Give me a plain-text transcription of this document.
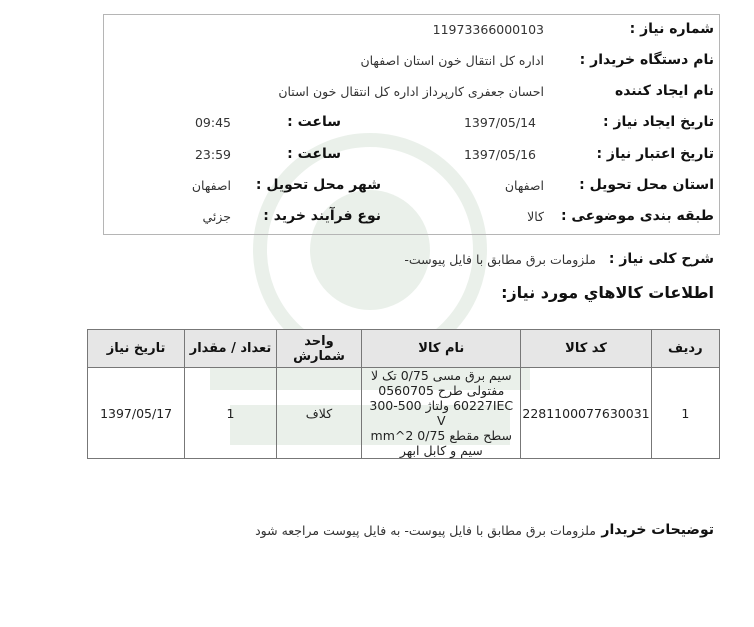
شماره نیاز :
11973366000103
نام دستگاه خریدار :
اداره کل انتقال خون استان اصفهان
نام ایجاد کننده
احسان جعفری کارپرداز اداره کل انتقال خون استان
تاریخ ایجاد نیاز :
1397/05/14
ساعت :
09:45
تاریخ اعتبار نیاز :
1397/05/16
ساعت :
23:59
استان محل تحویل :
اصفهان
شهر محل تحویل :
اصفهان
طبقه بندی موضوعی :
کالا
نوع فرآیند خرید :
جزئي
شرح کلی نیاز :
ملزومات برق مطابق با فایل پیوست-
اطلاعات کالاهاي مورد نياز:
ردیف	کد کالا	نام کالا	واحد شمارش	تعداد / مقدار	تاریخ نیاز
1	2281100077630031	سیم برق مسی 0/75 تک لا
مفتولی طرح 0560705
60227IEC ولتاژ 500-300 V
سطح مقطع 0/75 mm^2
سیم و کابل ابهر	کلاف	1	1397/05/17
توضیحات خریدار
ملزومات برق مطابق با فایل پیوست- به فایل پیوست مراجعه شود
